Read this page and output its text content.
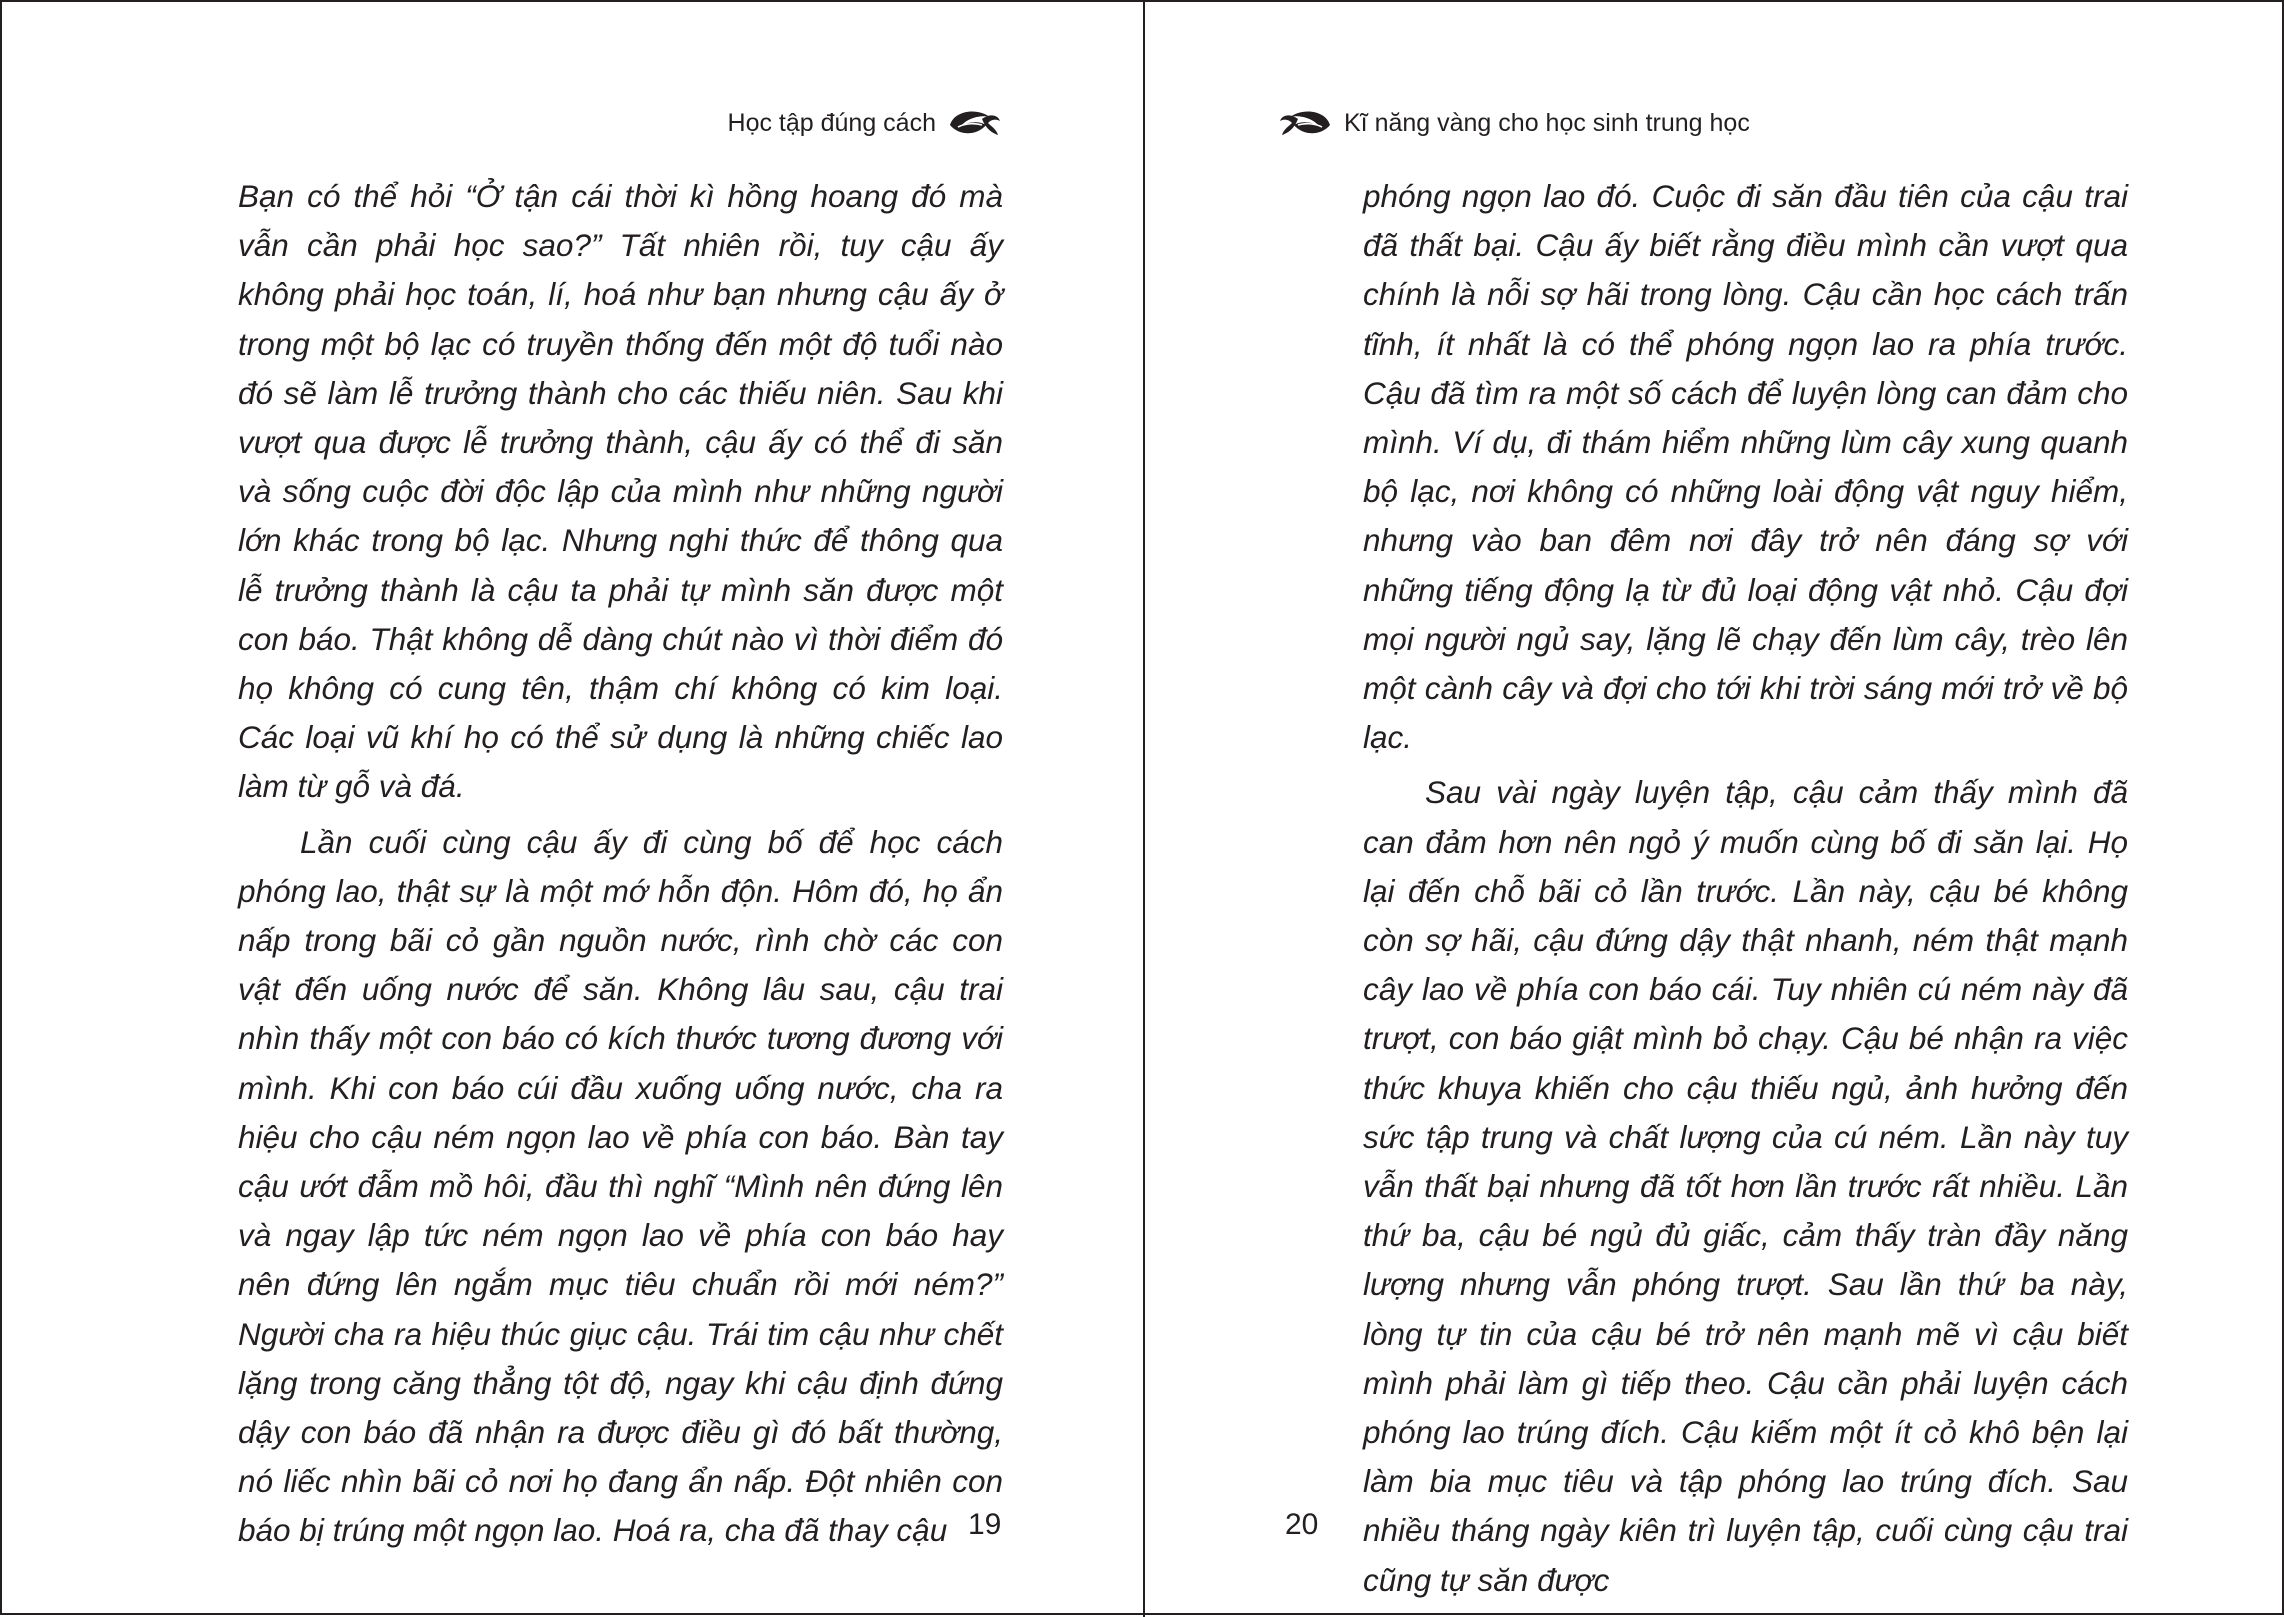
Học tập đúng cách

Bạn có thể hỏi “Ở tận cái thời kì hồng hoang đó mà vẫn cần phải học sao?” Tất nhiên rồi, tuy cậu ấy không phải học toán, lí, hoá như bạn nhưng cậu ấy ở trong một bộ lạc có truyền thống đến một độ tuổi nào đó sẽ làm lễ trưởng thành cho các thiếu niên. Sau khi vượt qua được lễ trưởng thành, cậu ấy có thể đi săn và sống cuộc đời độc lập của mình như những người lớn khác trong bộ lạc. Nhưng nghi thức để thông qua lễ trưởng thành là cậu ta phải tự mình săn được một con báo. Thật không dễ dàng chút nào vì thời điểm đó họ không có cung tên, thậm chí không có kim loại. Các loại vũ khí họ có thể sử dụng là những chiếc lao làm từ gỗ và đá.

Lần cuối cùng cậu ấy đi cùng bố để học cách phóng lao, thật sự là một mớ hỗn độn. Hôm đó, họ ẩn nấp trong bãi cỏ gần nguồn nước, rình chờ các con vật đến uống nước để săn. Không lâu sau, cậu trai nhìn thấy một con báo có kích thước tương đương với mình. Khi con báo cúi đầu xuống uống nước, cha ra hiệu cho cậu ném ngọn lao về phía con báo. Bàn tay cậu ướt đẫm mồ hôi, đầu thì nghĩ “Mình nên đứng lên và ngay lập tức ném ngọn lao về phía con báo hay nên đứng lên ngắm mục tiêu chuẩn rồi mới ném?” Người cha ra hiệu thúc giục cậu. Trái tim cậu như chết lặng trong căng thẳng tột độ, ngay khi cậu định đứng dậy con báo đã nhận ra được điều gì đó bất thường, nó liếc nhìn bãi cỏ nơi họ đang ẩn nấp. Đột nhiên con báo bị trúng một ngọn lao. Hoá ra, cha đã thay cậu 19
Kĩ năng vàng cho học sinh trung học

phóng ngọn lao đó. Cuộc đi săn đầu tiên của cậu trai đã thất bại. Cậu ấy biết rằng điều mình cần vượt qua chính là nỗi sợ hãi trong lòng. Cậu cần học cách trấn tĩnh, ít nhất là có thể phóng ngọn lao ra phía trước. Cậu đã tìm ra một số cách để luyện lòng can đảm cho mình. Ví dụ, đi thám hiểm những lùm cây xung quanh bộ lạc, nơi không có những loài động vật nguy hiểm, nhưng vào ban đêm nơi đây trở nên đáng sợ với những tiếng động lạ từ đủ loại động vật nhỏ. Cậu đợi mọi người ngủ say, lặng lẽ chạy đến lùm cây, trèo lên một cành cây và đợi cho tới khi trời sáng mới trở về bộ lạc.

Sau vài ngày luyện tập, cậu cảm thấy mình đã can đảm hơn nên ngỏ ý muốn cùng bố đi săn lại. Họ lại đến chỗ bãi cỏ lần trước. Lần này, cậu bé không còn sợ hãi, cậu đứng dậy thật nhanh, ném thật mạnh cây lao về phía con báo cái. Tuy nhiên cú ném này đã trượt, con báo giật mình bỏ chạy. Cậu bé nhận ra việc thức khuya khiến cho cậu thiếu ngủ, ảnh hưởng đến sức tập trung và chất lượng của cú ném. Lần này tuy vẫn thất bại nhưng đã tốt hơn lần trước rất nhiều. Lần thứ ba, cậu bé ngủ đủ giấc, cảm thấy tràn đầy năng lượng nhưng vẫn phóng trượt. Sau lần thứ ba này, lòng tự tin của cậu bé trở nên mạnh mẽ vì cậu biết mình phải làm gì tiếp theo. Cậu cần phải luyện cách phóng lao trúng đích. Cậu kiếm một ít cỏ khô bện lại làm bia mục tiêu và tập phóng lao trúng đích. Sau nhiều tháng ngày kiên trì luyện tập, cuối cùng cậu trai cũng tự săn được

20
